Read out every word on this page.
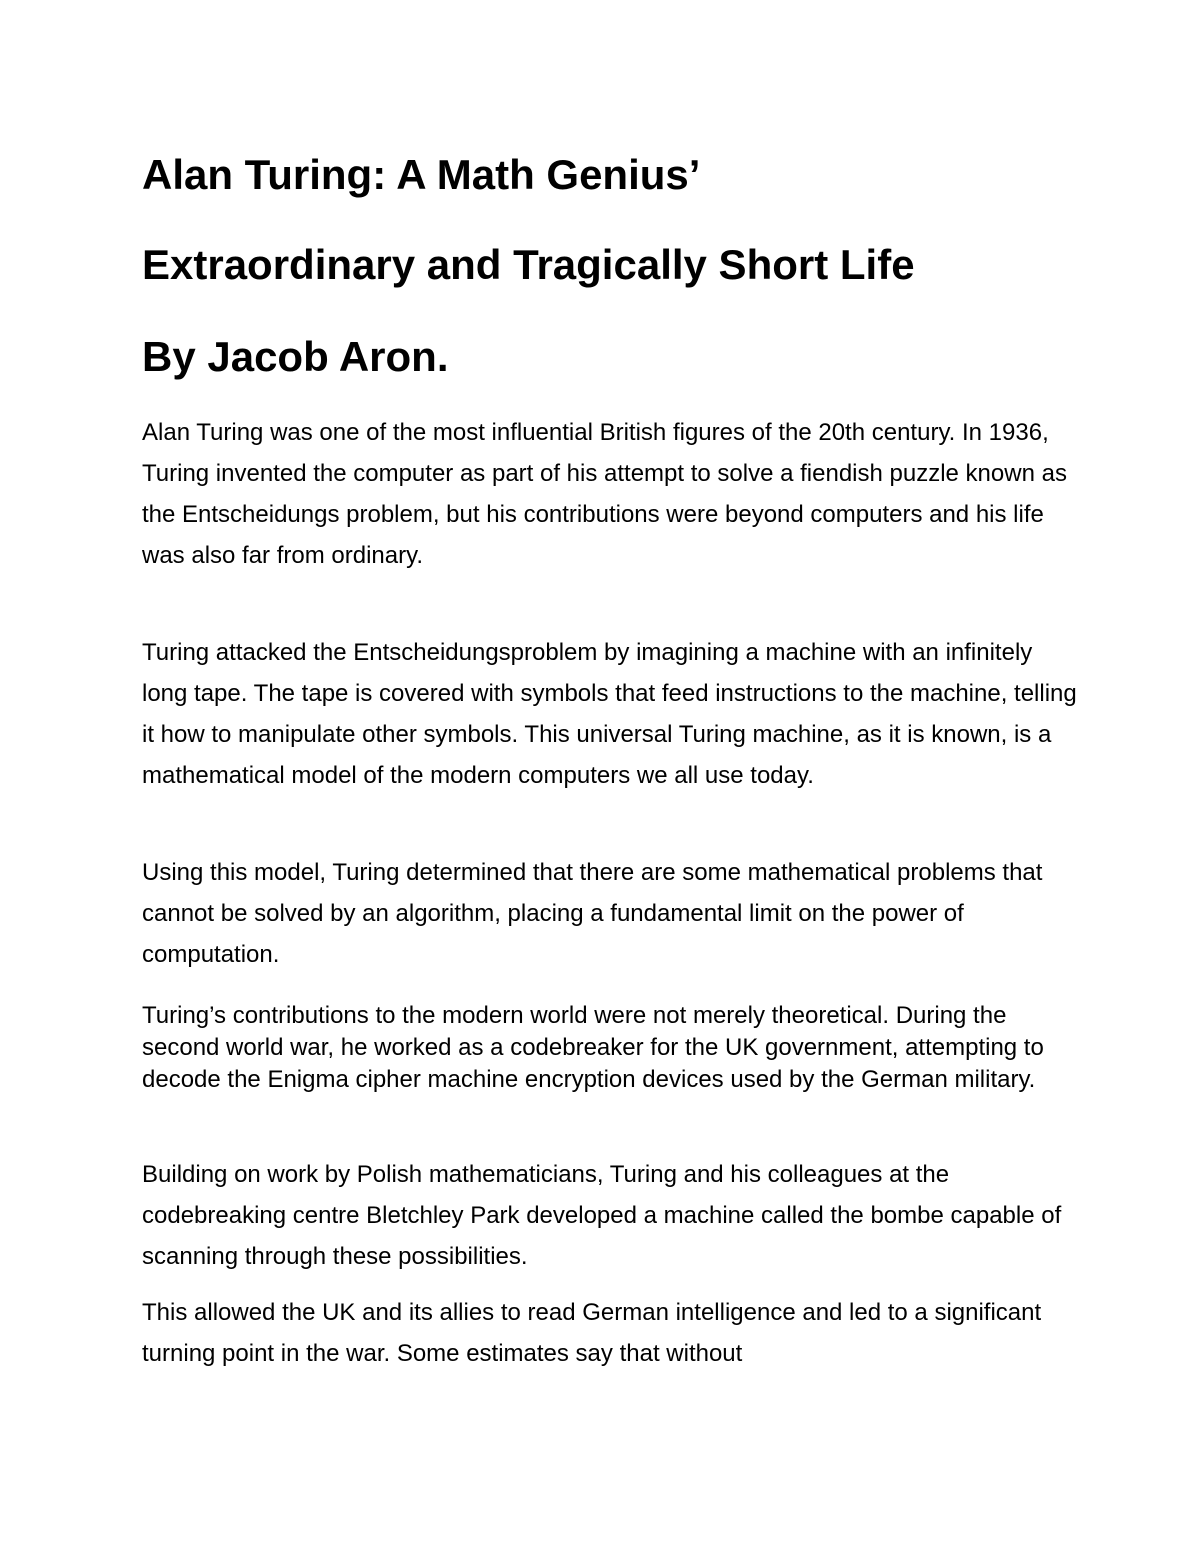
Alan Turing: A Math Genius’
Extraordinary and Tragically Short Life
By Jacob Aron.

Alan Turing was one of the most influential British figures of the 20th century. In 1936, Turing invented the computer as part of his attempt to solve a fiendish puzzle known as the Entscheidungs problem, but his contributions were beyond computers and his life was also far from ordinary.

Turing attacked the Entscheidungsproblem by imagining a machine with an infinitely long tape. The tape is covered with symbols that feed instructions to the machine, telling it how to manipulate other symbols. This universal Turing machine, as it is known, is a mathematical model of the modern computers we all use today.

Using this model, Turing determined that there are some mathematical problems that cannot be solved by an algorithm, placing a fundamental limit on the power of computation.

Turing’s contributions to the modern world were not merely theoretical. During the second world war, he worked as a codebreaker for the UK government, attempting to decode the Enigma cipher machine encryption devices used by the German military.

Building on work by Polish mathematicians, Turing and his colleagues at the codebreaking centre Bletchley Park developed a machine called the bombe capable of scanning through these possibilities.

This allowed the UK and its allies to read German intelligence and led to a significant turning point in the war. Some estimates say that without
